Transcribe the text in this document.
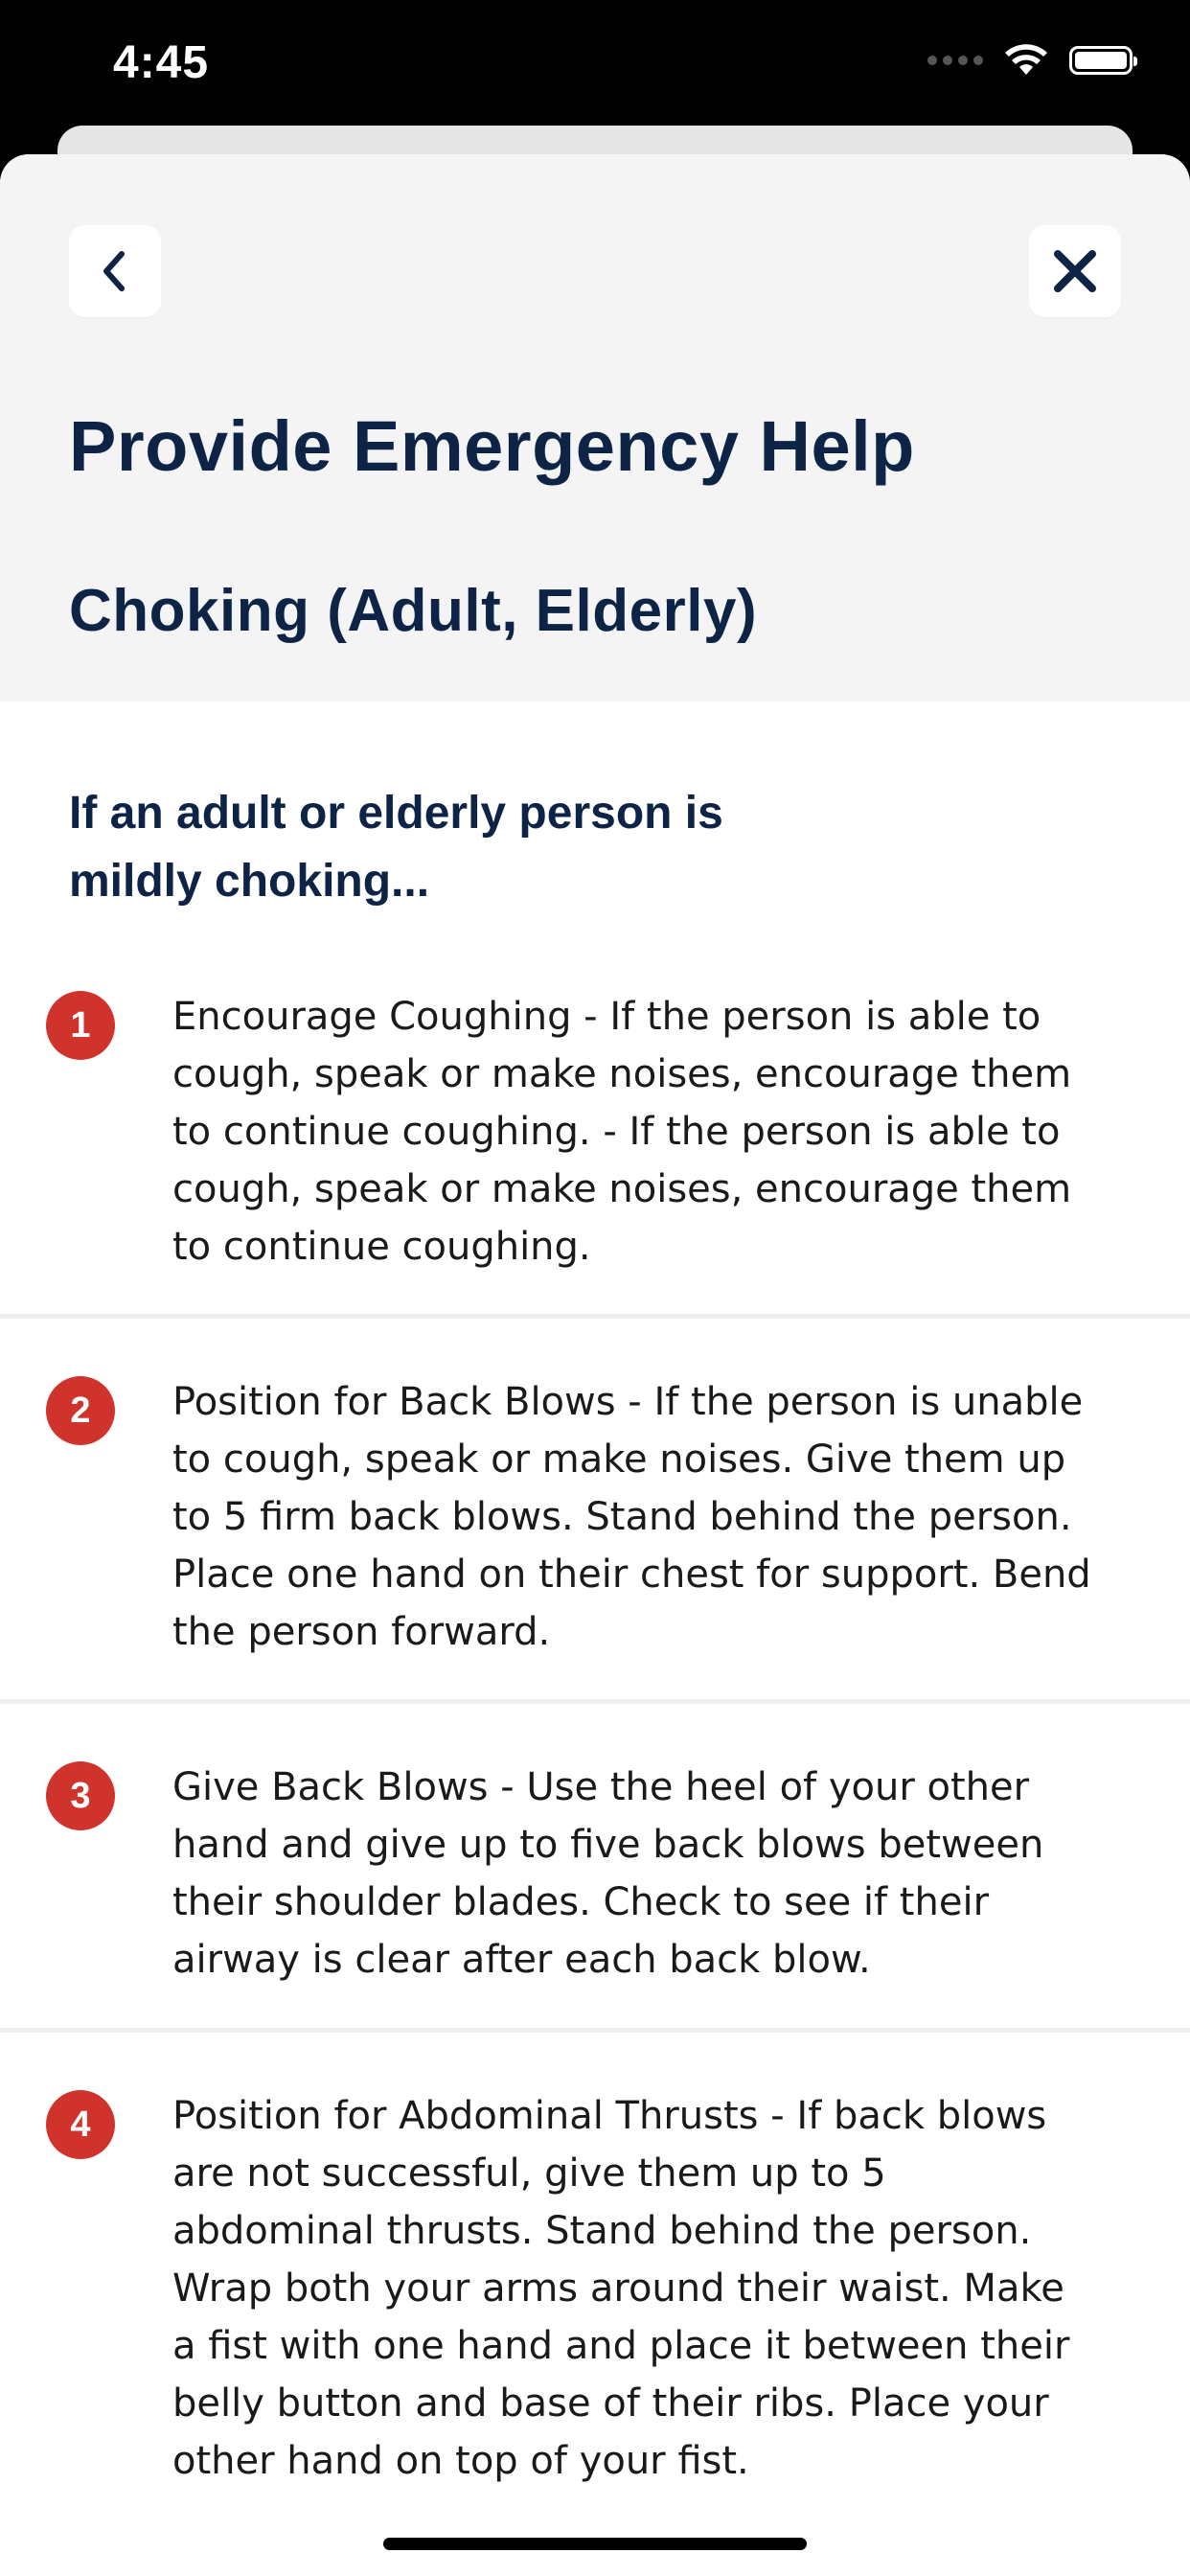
4:45
Provide Emergency Help
Choking (Adult, Elderly)
If an adult or elderly person is mildly choking...
1	Encourage Coughing - If the person is able to cough, speak or make noises, encourage them to continue coughing. - If the person is able to cough, speak or make noises, encourage them to continue coughing.

2	Position for Back Blows - If the person is unable to cough, speak or make noises. Give them up to 5 firm back blows. Stand behind the person. Place one hand on their chest for support. Bend the person forward.

3	Give Back Blows - Use the heel of your other hand and give up to five back blows between their shoulder blades. Check to see if their airway is clear after each back blow.

4	Position for Abdominal Thrusts - If back blows are not successful, give them up to 5 abdominal thrusts. Stand behind the person. Wrap both your arms around their waist. Make a fist with one hand and place it between their belly button and base of their ribs. Place your other hand on top of your fist.
